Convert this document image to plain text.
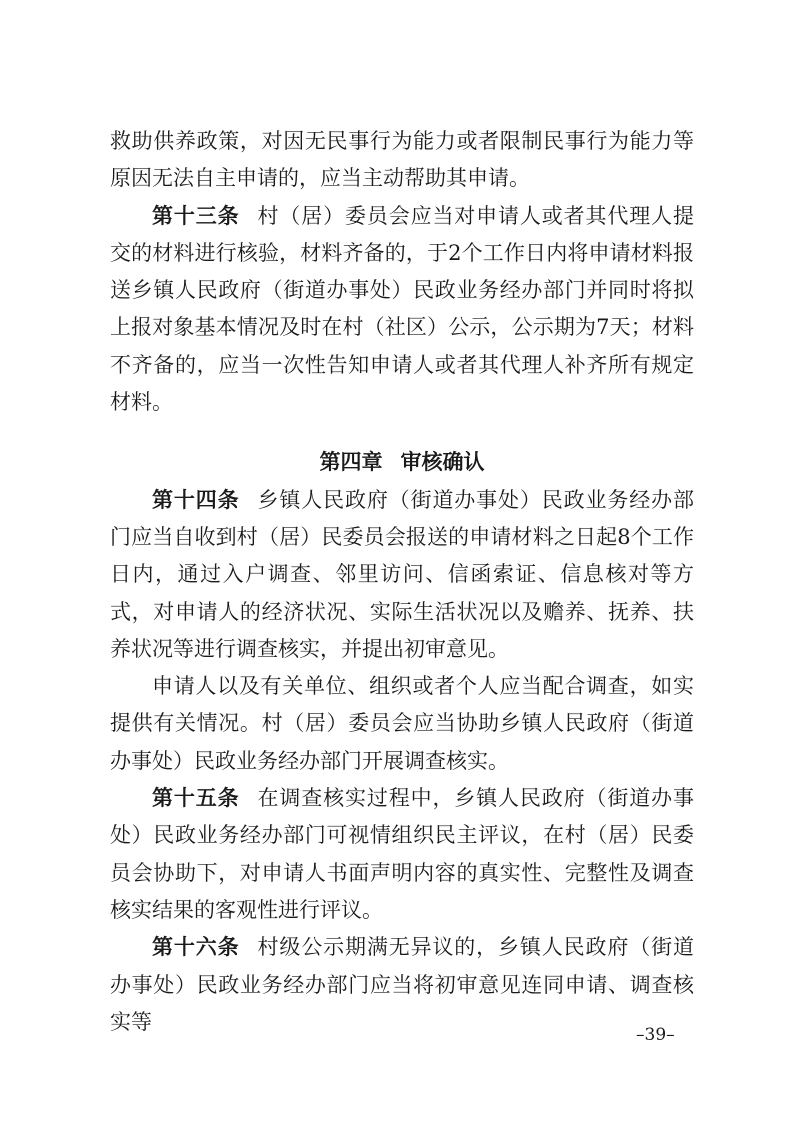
救助供养政策，对因无民事行为能力或者限制民事行为能力等原因无法自主申请的，应当主动帮助其申请。

第十三条 村（居）委员会应当对申请人或者其代理人提交的材料进行核验，材料齐备的，于2个工作日内将申请材料报送乡镇人民政府（街道办事处）民政业务经办部门并同时将拟上报对象基本情况及时在村（社区）公示，公示期为7天；材料不齐备的，应当一次性告知申请人或者其代理人补齐所有规定材料。

第四章 审核确认

第十四条 乡镇人民政府（街道办事处）民政业务经办部门应当自收到村（居）民委员会报送的申请材料之日起8个工作日内，通过入户调查、邻里访问、信函索证、信息核对等方式，对申请人的经济状况、实际生活状况以及赡养、抚养、扶养状况等进行调查核实，并提出初审意见。

申请人以及有关单位、组织或者个人应当配合调查，如实提供有关情况。村（居）委员会应当协助乡镇人民政府（街道办事处）民政业务经办部门开展调查核实。

第十五条 在调查核实过程中，乡镇人民政府（街道办事处）民政业务经办部门可视情组织民主评议，在村（居）民委员会协助下，对申请人书面声明内容的真实性、完整性及调查核实结果的客观性进行评议。

第十六条 村级公示期满无异议的，乡镇人民政府（街道办事处）民政业务经办部门应当将初审意见连同申请、调查核实等

–39–
